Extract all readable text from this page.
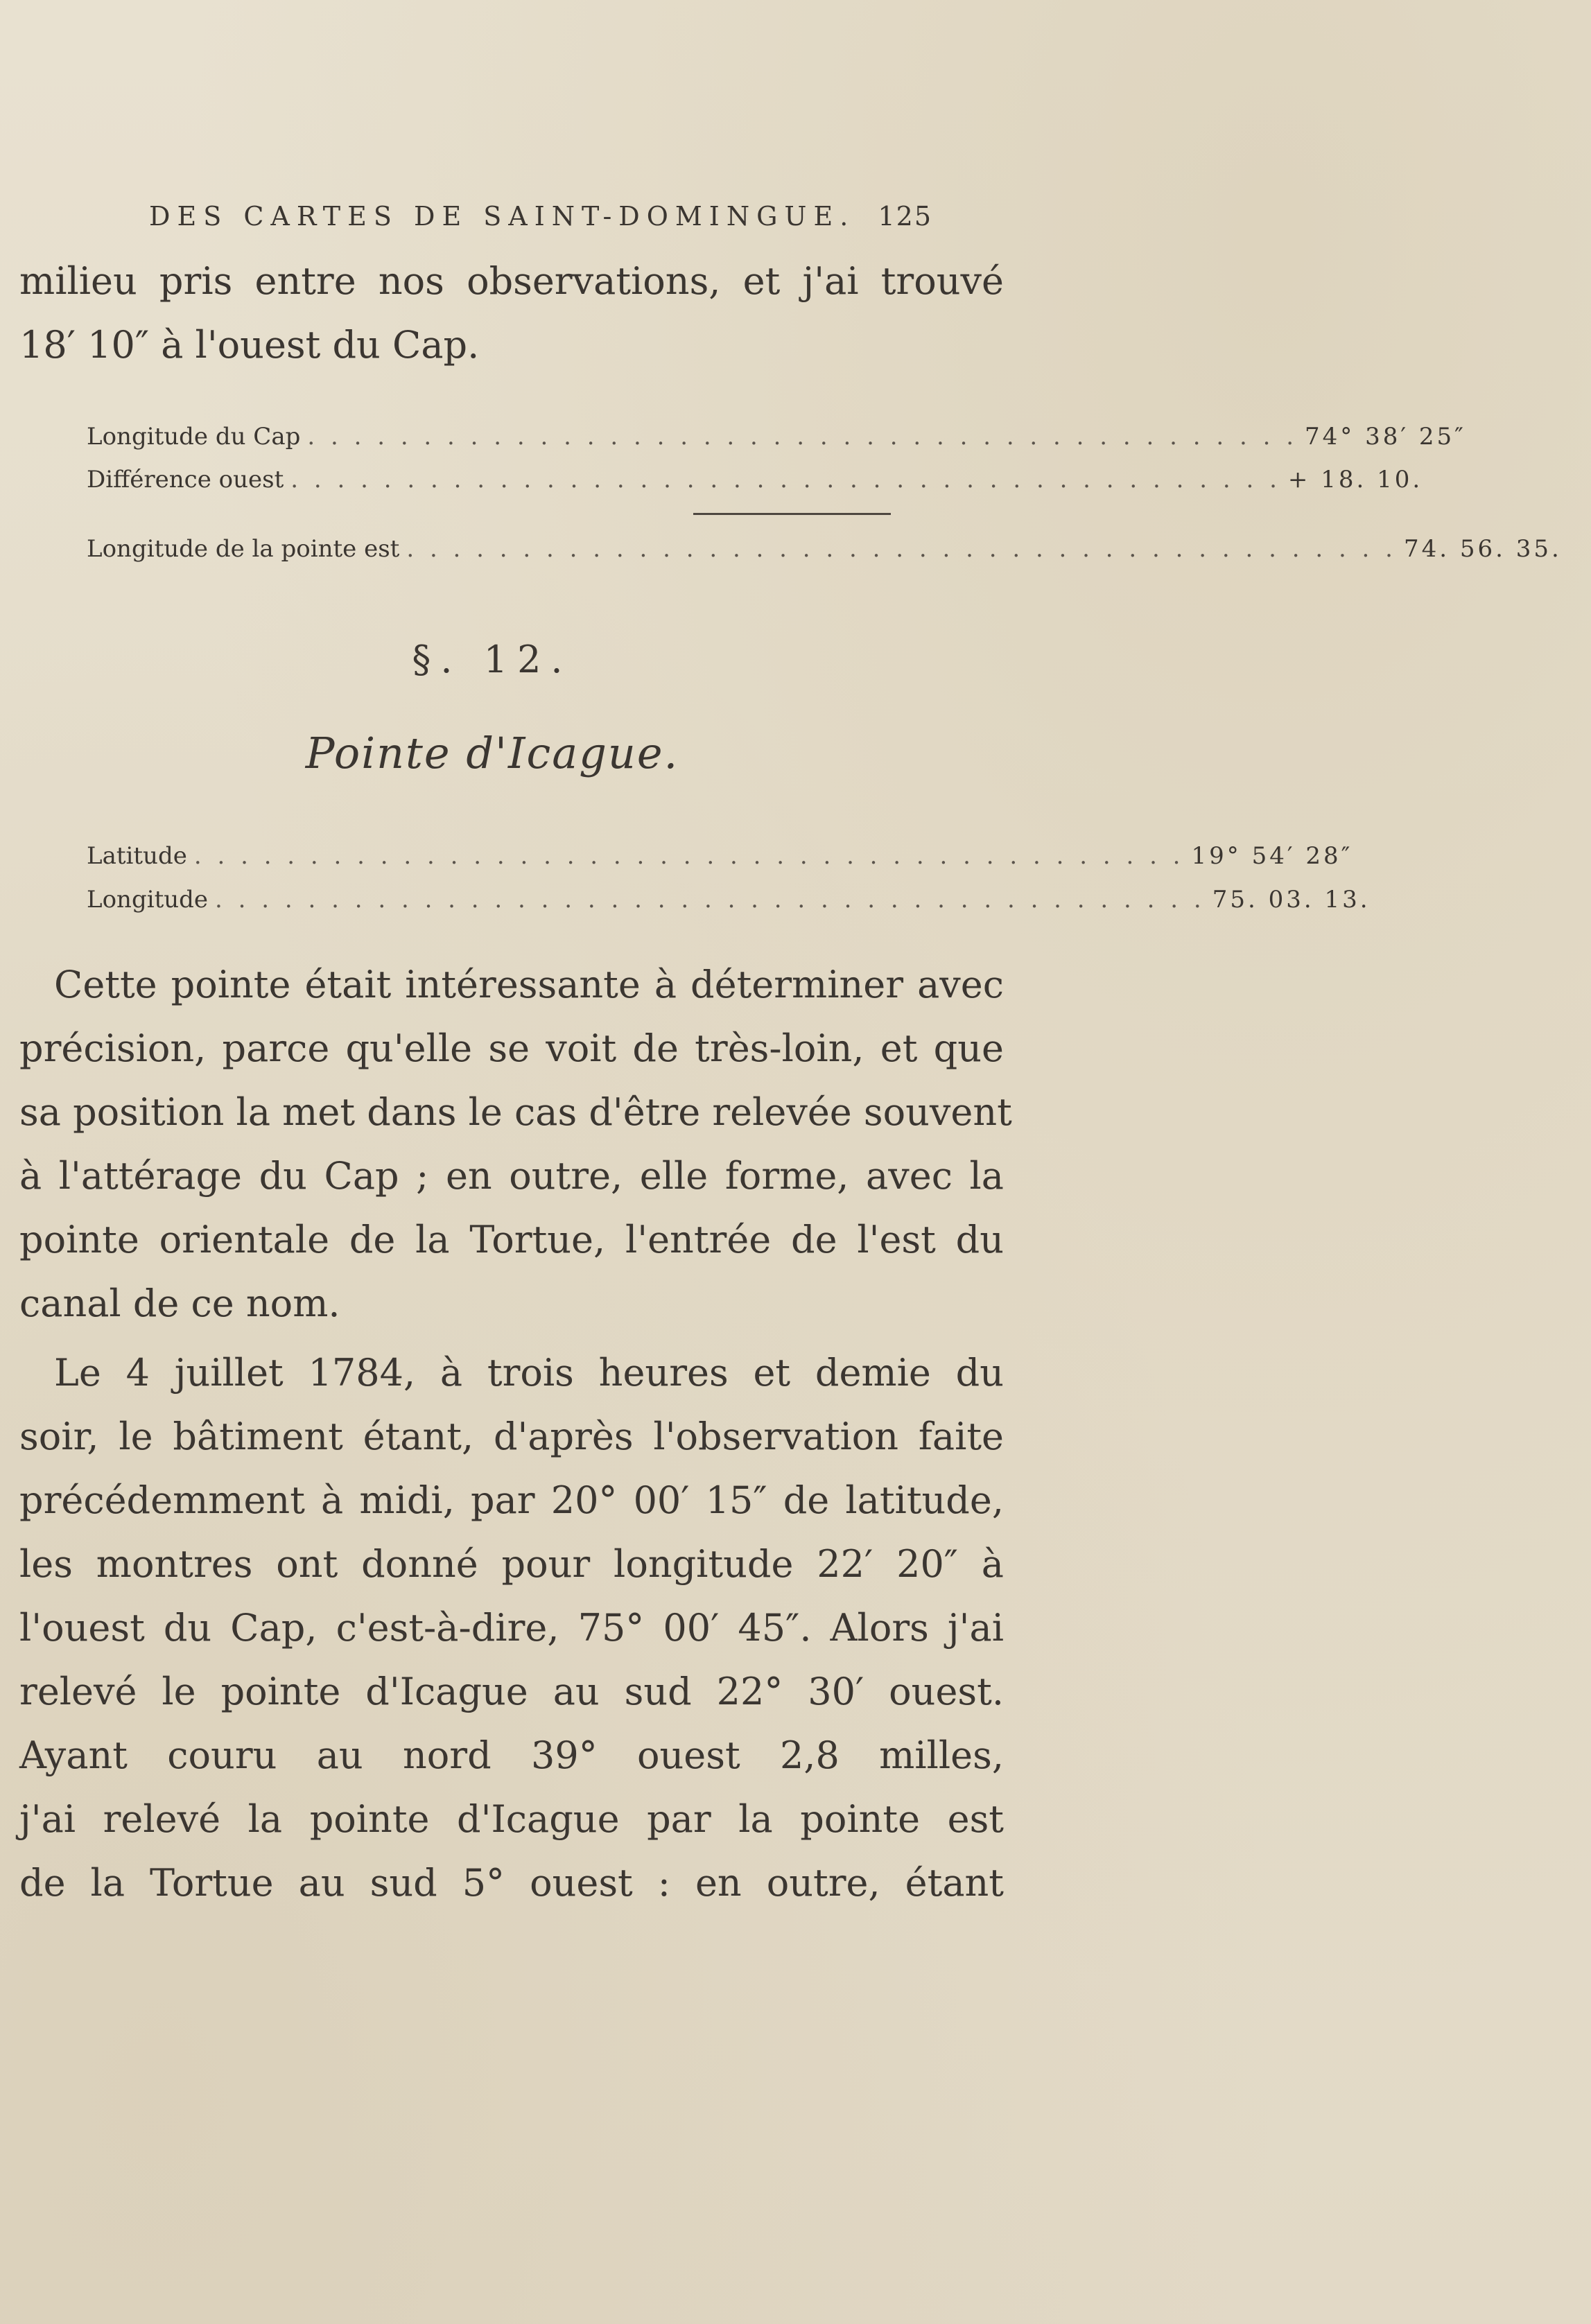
DES CARTES DE SAINT-DOMINGUE. 125
milieu pris entre nos observations, et j'ai trouvé
18′ 10″ à l'ouest du Cap.
Longitude du Cap . . . . . . . . . . . . . . . . . . . . . . . . . . . . . . . . . . . . . . . . . . . 74° 38′ 25″
Différence ouest . . . . . . . . . . . . . . . . . . . . . . . . . . . . . . . . . . . . . . . . . . . + 18. 10.
Longitude de la pointe est . . . . . . . . . . . . . . . . . . . . . . . . . . . . . . . . . . . . . . . . . . . 74. 56. 35.
§. 12.
Pointe d'Icague.
Latitude . . . . . . . . . . . . . . . . . . . . . . . . . . . . . . . . . . . . . . . . . . . 19° 54′ 28″
Longitude . . . . . . . . . . . . . . . . . . . . . . . . . . . . . . . . . . . . . . . . . . . 75. 03. 13.
Cette pointe était intéressante à déterminer avec
précision, parce qu'elle se voit de très-loin, et que
sa position la met dans le cas d'être relevée souvent
à l'attérage du Cap ; en outre, elle forme, avec la
pointe orientale de la Tortue, l'entrée de l'est du
canal de ce nom.
Le 4 juillet 1784, à trois heures et demie du
soir, le bâtiment étant, d'après l'observation faite
précédemment à midi, par 20° 00′ 15″ de latitude,
les montres ont donné pour longitude 22′ 20″ à
l'ouest du Cap, c'est-à-dire, 75° 00′ 45″. Alors j'ai
relevé le pointe d'Icague au sud 22° 30′ ouest.
Ayant couru au nord 39° ouest 2,8 milles,
j'ai relevé la pointe d'Icague par la pointe est
de la Tortue au sud 5° ouest : en outre, étant
